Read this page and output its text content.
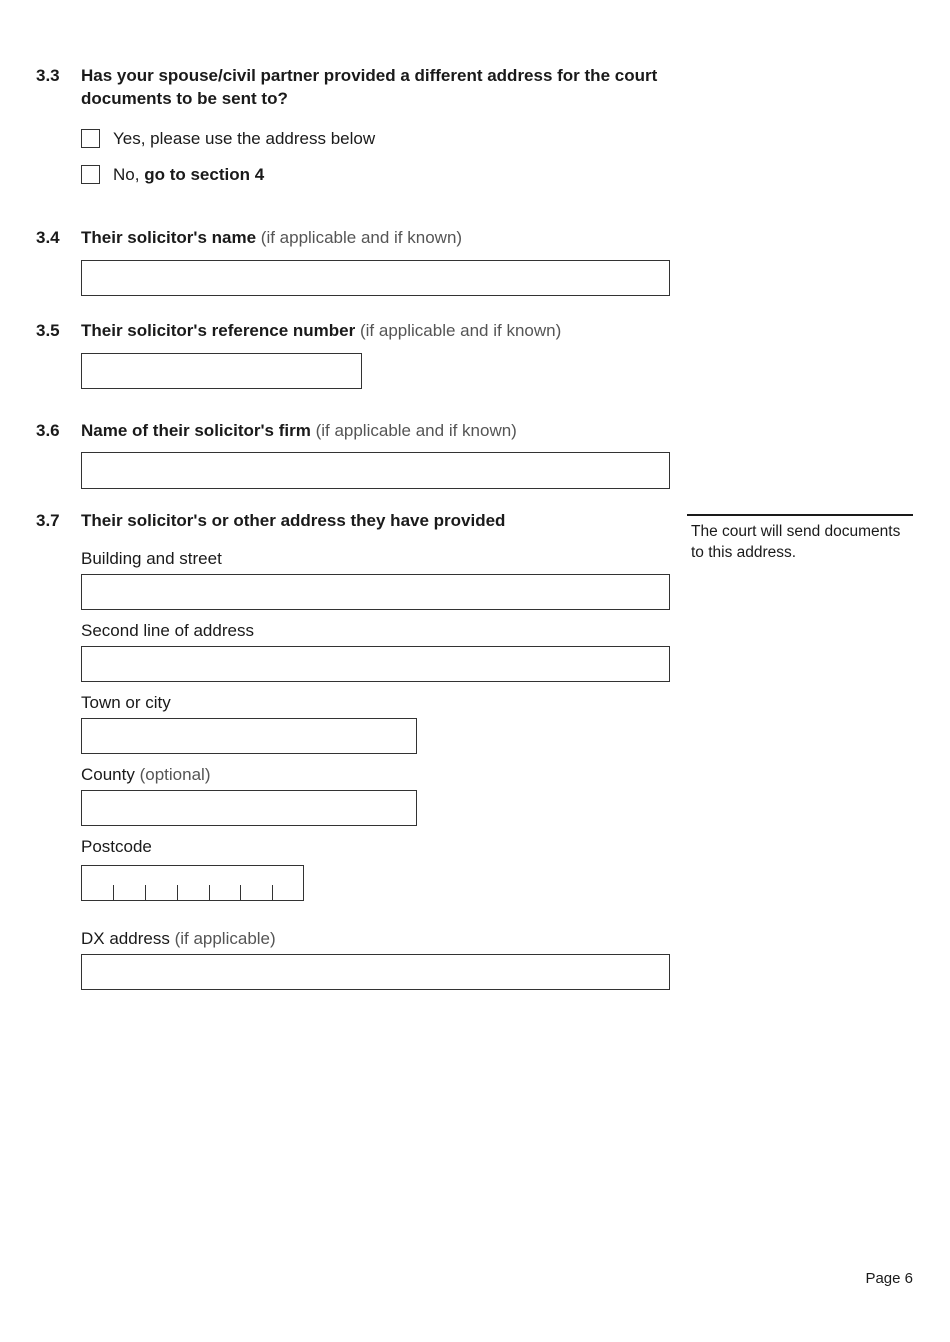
3.3 Has your spouse/civil partner provided a different address for the court documents to be sent to?
Yes, please use the address below
No, go to section 4
3.4 Their solicitor's name (if applicable and if known)
3.5 Their solicitor's reference number (if applicable and if known)
3.6 Name of their solicitor's firm (if applicable and if known)
3.7 Their solicitor's or other address they have provided
The court will send documents to this address.
Building and street
Second line of address
Town or city
County (optional)
Postcode
DX address (if applicable)
Page 6
